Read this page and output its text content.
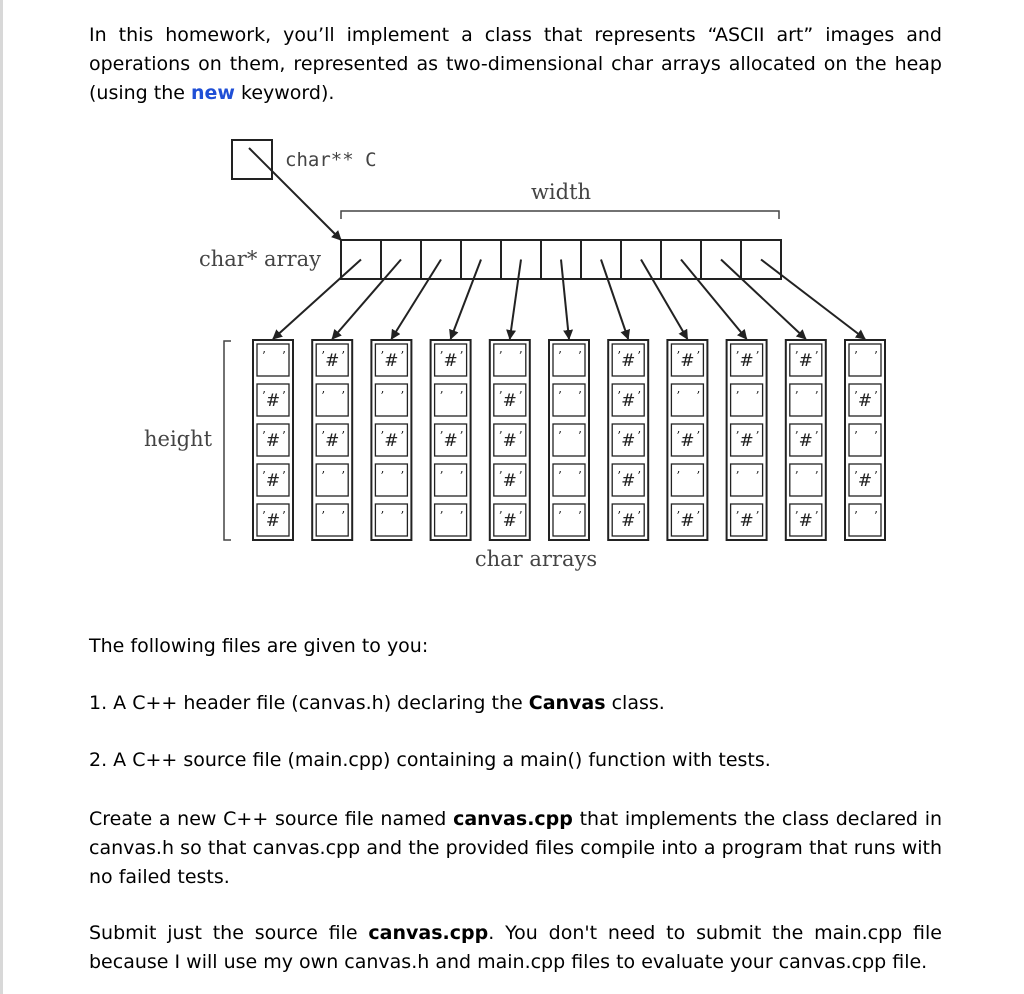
In this homework, you’ll implement a class that represents “ASCII art” images and operations on them, represented as two-dimensional char arrays allocated on the heap (using the new keyword).

char** C
width
char* array
height
char arrays
’ ’
’ ’
#
’ ’
#
’ ’
#
’ ’
#
’ ’
#
’ ’
’ ’
#
’ ’
’ ’
’ ’
#
’ ’
’ ’
#
’ ’
’ ’
’ ’
#
’ ’
’ ’
#
’ ’
’ ’
’ ’
’ ’
#
’ ’
#
’ ’
#
’ ’
#
’ ’
’ ’
’ ’
’ ’
’ ’
’ ’
#
’ ’
#
’ ’
#
’ ’
#
’ ’
#
’ ’
#
’ ’
’ ’
#
’ ’
’ ’
#
’ ’
#
’ ’
’ ’
#
’ ’
’ ’
#
’ ’
#
’ ’
’ ’
#
’ ’
’ ’
#
’ ’
’ ’
#
’ ’
’ ’
#
’ ’

The following files are given to you:

1. A C++ header file (canvas.h) declaring the Canvas class.

2. A C++ source file (main.cpp) containing a main() function with tests.

Create a new C++ source file named canvas.cpp that implements the class declared in canvas.h so that canvas.cpp and the provided files compile into a program that runs with no failed tests.

Submit just the source file canvas.cpp. You don't need to submit the main.cpp file because I will use my own canvas.h and main.cpp files to evaluate your canvas.cpp file.
